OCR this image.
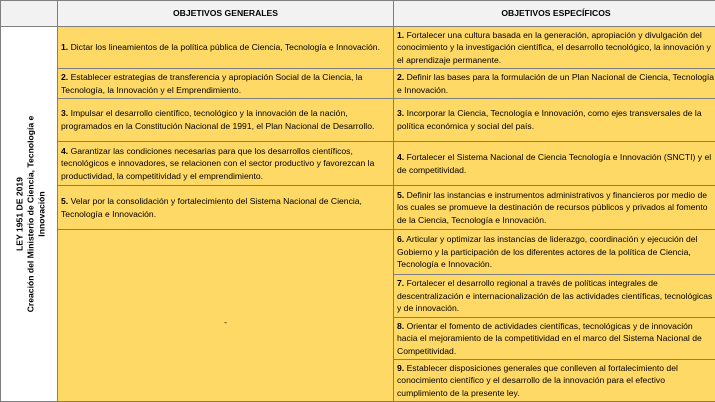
	OBJETIVOS GENERALES	OBJETIVOS ESPECÍFICOS

LEY 1951 DE 2019 Creación del Ministerio de Ciencia, Tecnología e Innovación	1. Dictar los lineamientos de la política pública de Ciencia, Tecnología e Innovación.	1. Fortalecer una cultura basada en la generación, apropiación y divulgación del conocimiento y la investigación científica, el desarrollo tecnológico, la innovación y el aprendizaje permanente.
	2. Establecer estrategias de transferencia y apropiación Social de la Ciencia, la Tecnología, la Innovación y el Emprendimiento.	2. Definir las bases para la formulación de un Plan Nacional de Ciencia, Tecnología e Innovación.
	3. Impulsar el desarrollo científico, tecnológico y la innovación de la nación, programados en la Constitución Nacional de 1991, el Plan Nacional de Desarrollo.	3. Incorporar la Ciencia, Tecnología e Innovación, como ejes transversales de la política económica y social del país.
	4. Garantizar las condiciones necesarias para que los desarrollos científicos, tecnológicos e innovadores, se relacionen con el sector productivo y favorezcan la productividad, la competitividad y el emprendimiento.	4. Fortalecer el Sistema Nacional de Ciencia Tecnología e Innovación (SNCTI) y el de competitividad.
	5. Velar por la consolidación y fortalecimiento del Sistema Nacional de Ciencia, Tecnología e Innovación.	5. Definir las instancias e instrumentos administrativos y financieros por medio de los cuales se promueve la destinación de recursos públicos y privados al fomento de la Ciencia, Tecnología e Innovación.
	-	6. Articular y optimizar las instancias de liderazgo, coordinación y ejecución del Gobierno y la participación de los diferentes actores de la política de Ciencia, Tecnología e Innovación.
		7. Fortalecer el desarrollo regional a través de políticas integrales de descentralización e internacionalización de las actividades científicas, tecnológicas y de innovación.
		8. Orientar el fomento de actividades científicas, tecnológicas y de innovación hacia el mejoramiento de la competitividad en el marco del Sistema Nacional de Competitividad.
		9. Establecer disposiciones generales que conlleven al fortalecimiento del conocimiento científico y el desarrollo de la innovación para el efectivo cumplimiento de la presente ley.
